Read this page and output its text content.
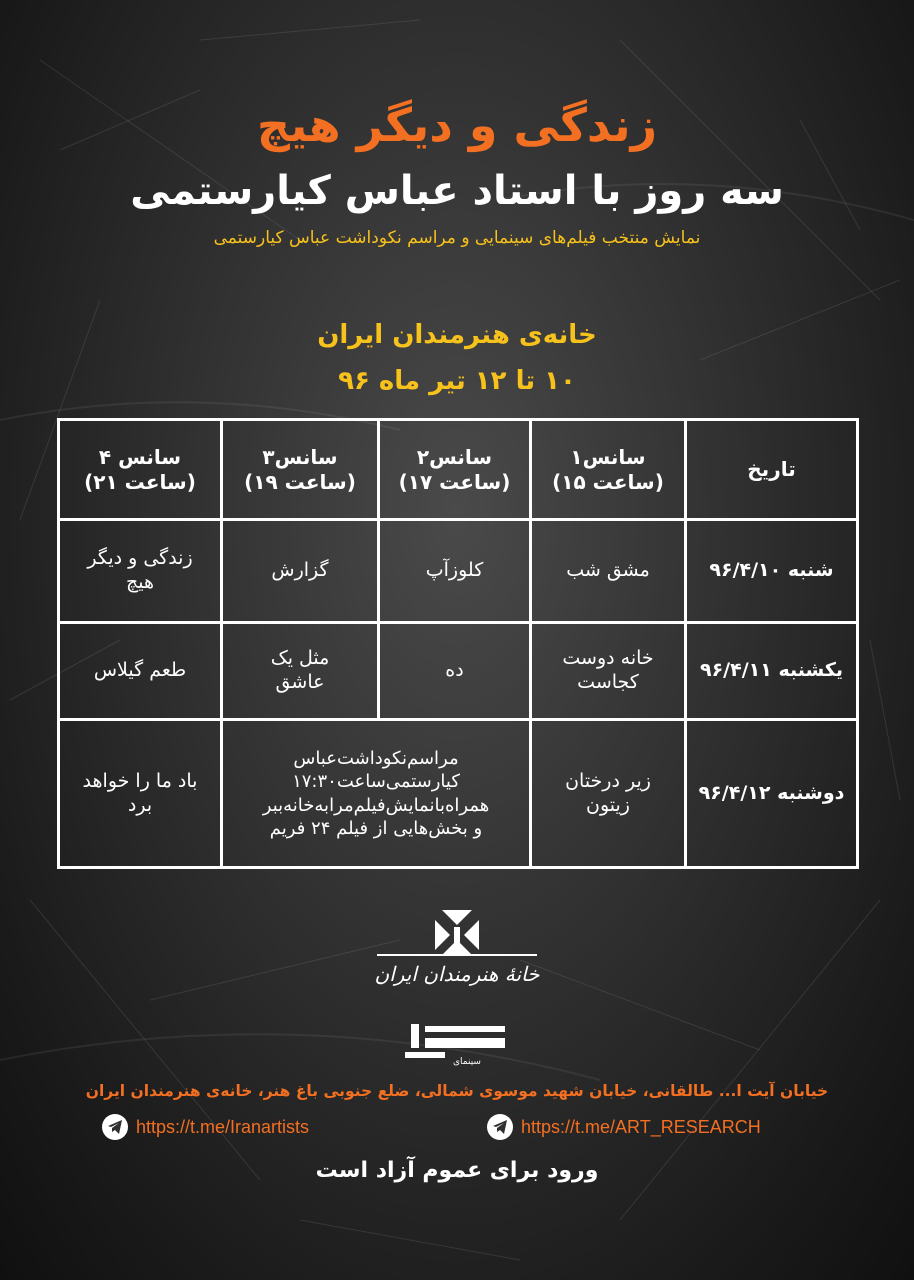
زندگی و دیگر هیچ
سه روز با استاد عباس کیارستمی
نمایش منتخب فیلم‌های سینمایی و مراسم نکوداشت عباس کیارستمی
خانه‌ی هنرمندان ایران
۱۰ تا ۱۲ تیر ماه ۹۶
تاریخ
سانس۱
(ساعت ۱۵)
سانس۲
(ساعت ۱۷)
سانس۳
(ساعت ۱۹)
سانس ۴
(ساعت ۲۱)
شنبه ۹۶/۴/۱۰
مشق شب
کلوزآپ
گزارش
زندگی و دیگر
هیچ
یکشنبه ۹۶/۴/۱۱
خانه دوست
کجاست
ده
مثل یک
عاشق
طعم گیلاس
دوشنبه ۹۶/۴/۱۲
زیر درختان
زیتون
مراسم‌نکوداشت‌عباس
کیارستمی‌ساعت۱۷:۳۰
همراه‌با‌نمایش‌فیلم‌مرا‌به‌خانه‌ببر
و بخش‌هایی از فیلم ۲۴ فریم
باد ما را خواهد
برد
خانۀ هنرمندان ایران
سینمای
خیابان آیت ا... طالقانی، خیابان شهید موسوی شمالی، ضلع جنوبی باغ هنر، خانه‌ی هنرمندان ایران
https://t.me/Iranartists	https://t.me/ART_RESEARCH
ورود برای عموم آزاد است
